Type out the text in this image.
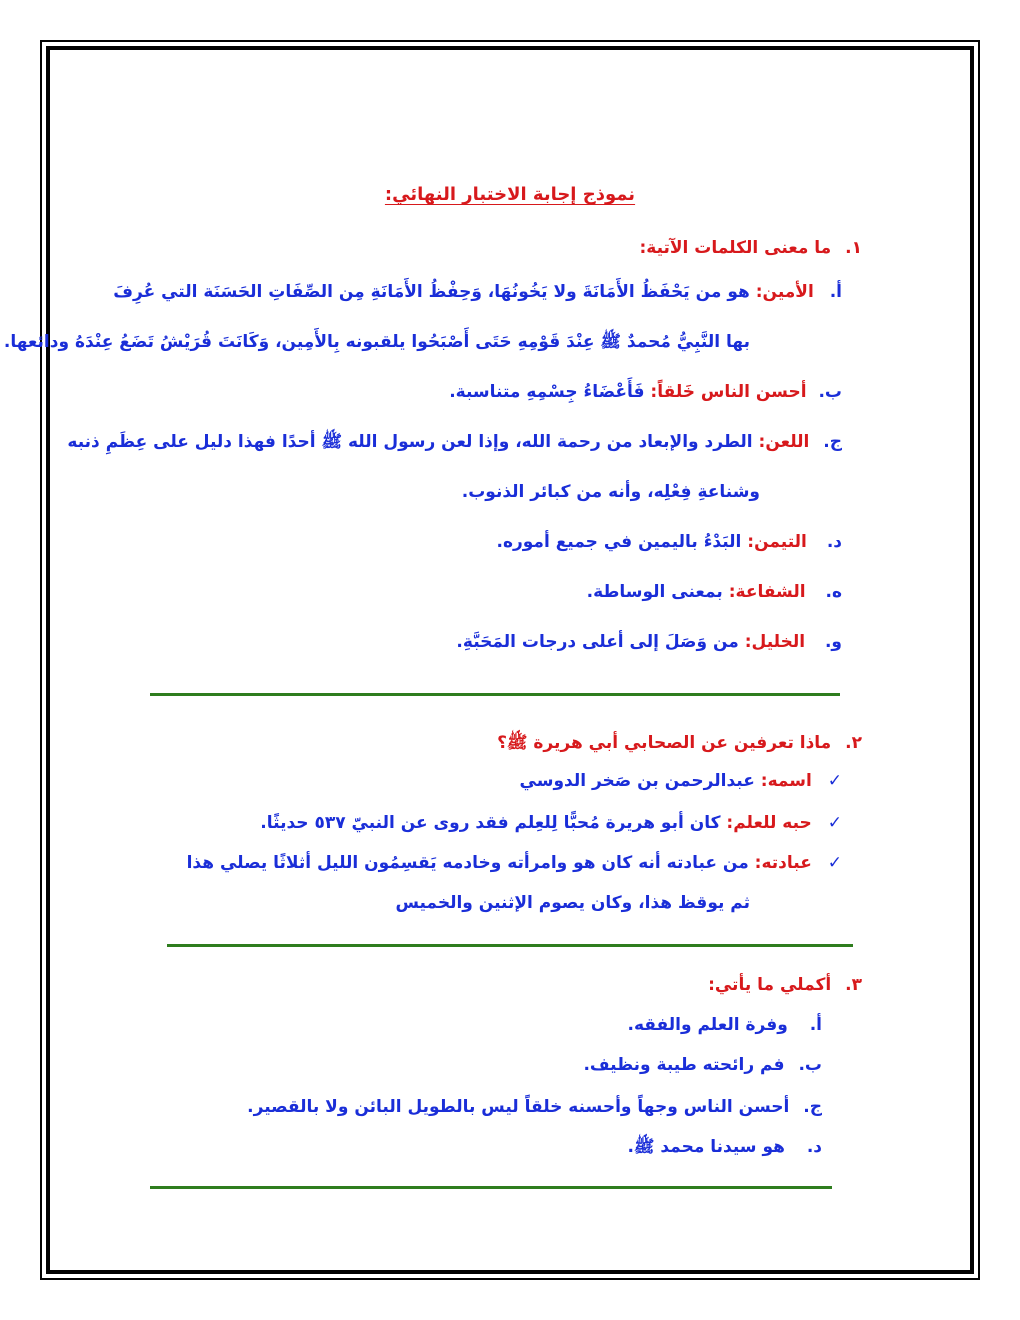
نموذج إجابة الاختبار النهائي:
١. ما معنى الكلمات الآتية:
أ. الأمين: هو من يَحْفَظُ الأَمَانَةَ ولا يَخُونُهَا، وَحِفْظُ الأَمَانَةِ مِن الصِّفَاتِ الحَسَنَة التي عُرِفَ
بها النَّبِيُّ مُحمدٌ ﷺ عِنْدَ قَوْمِهِ حَتَى أَصْبَحُوا يلقبونه بِالأَمِين، وَكَانَتَ قُرَيْشُ تَضَعُ عِنْدَهُ ودائعها.
ب. أحسن الناس خَلقاً: فَأَعْضَاءُ جِسْمِهِ متناسبة.
ج. اللعن: الطرد والإبعاد من رحمة الله، وإذا لعن رسول الله ﷺ أحدًا فهذا دليل على عِظَمِ ذنبه
وشناعةِ فِعْلِه، وأنه من كبائر الذنوب.
د. التيمن: البَدْءُ باليمين في جميع أموره.
ه. الشفاعة: بمعنى الوساطة.
و. الخليل: من وَصَلَ إلى أعلى درجات المَحَبَّةِ.
٢. ماذا تعرفين عن الصحابي أبي هريرة ﷺ؟
✓ اسمه: عبدالرحمن بن صَخر الدوسي
✓ حبه للعلم: كان أبو هريرة مُحبًّا لِلعِلم فقد روى عن النبيّ ٥٣٧ حديثًا.
✓ عبادته: من عبادته أنه كان هو وامرأته وخادمه يَقسِمُون الليل أثلاثًا يصلي هذا
ثم يوقظ هذا، وكان يصوم الإثنين والخميس
٣. أكملي ما يأتي:
أ. وفرة العلم والفقه.
ب. فم رائحته طيبة ونظيف.
ج. أحسن الناس وجهاً وأحسنه خلقاً ليس بالطويل البائن ولا بالقصير.
د. هو سيدنا محمد ﷺ.
